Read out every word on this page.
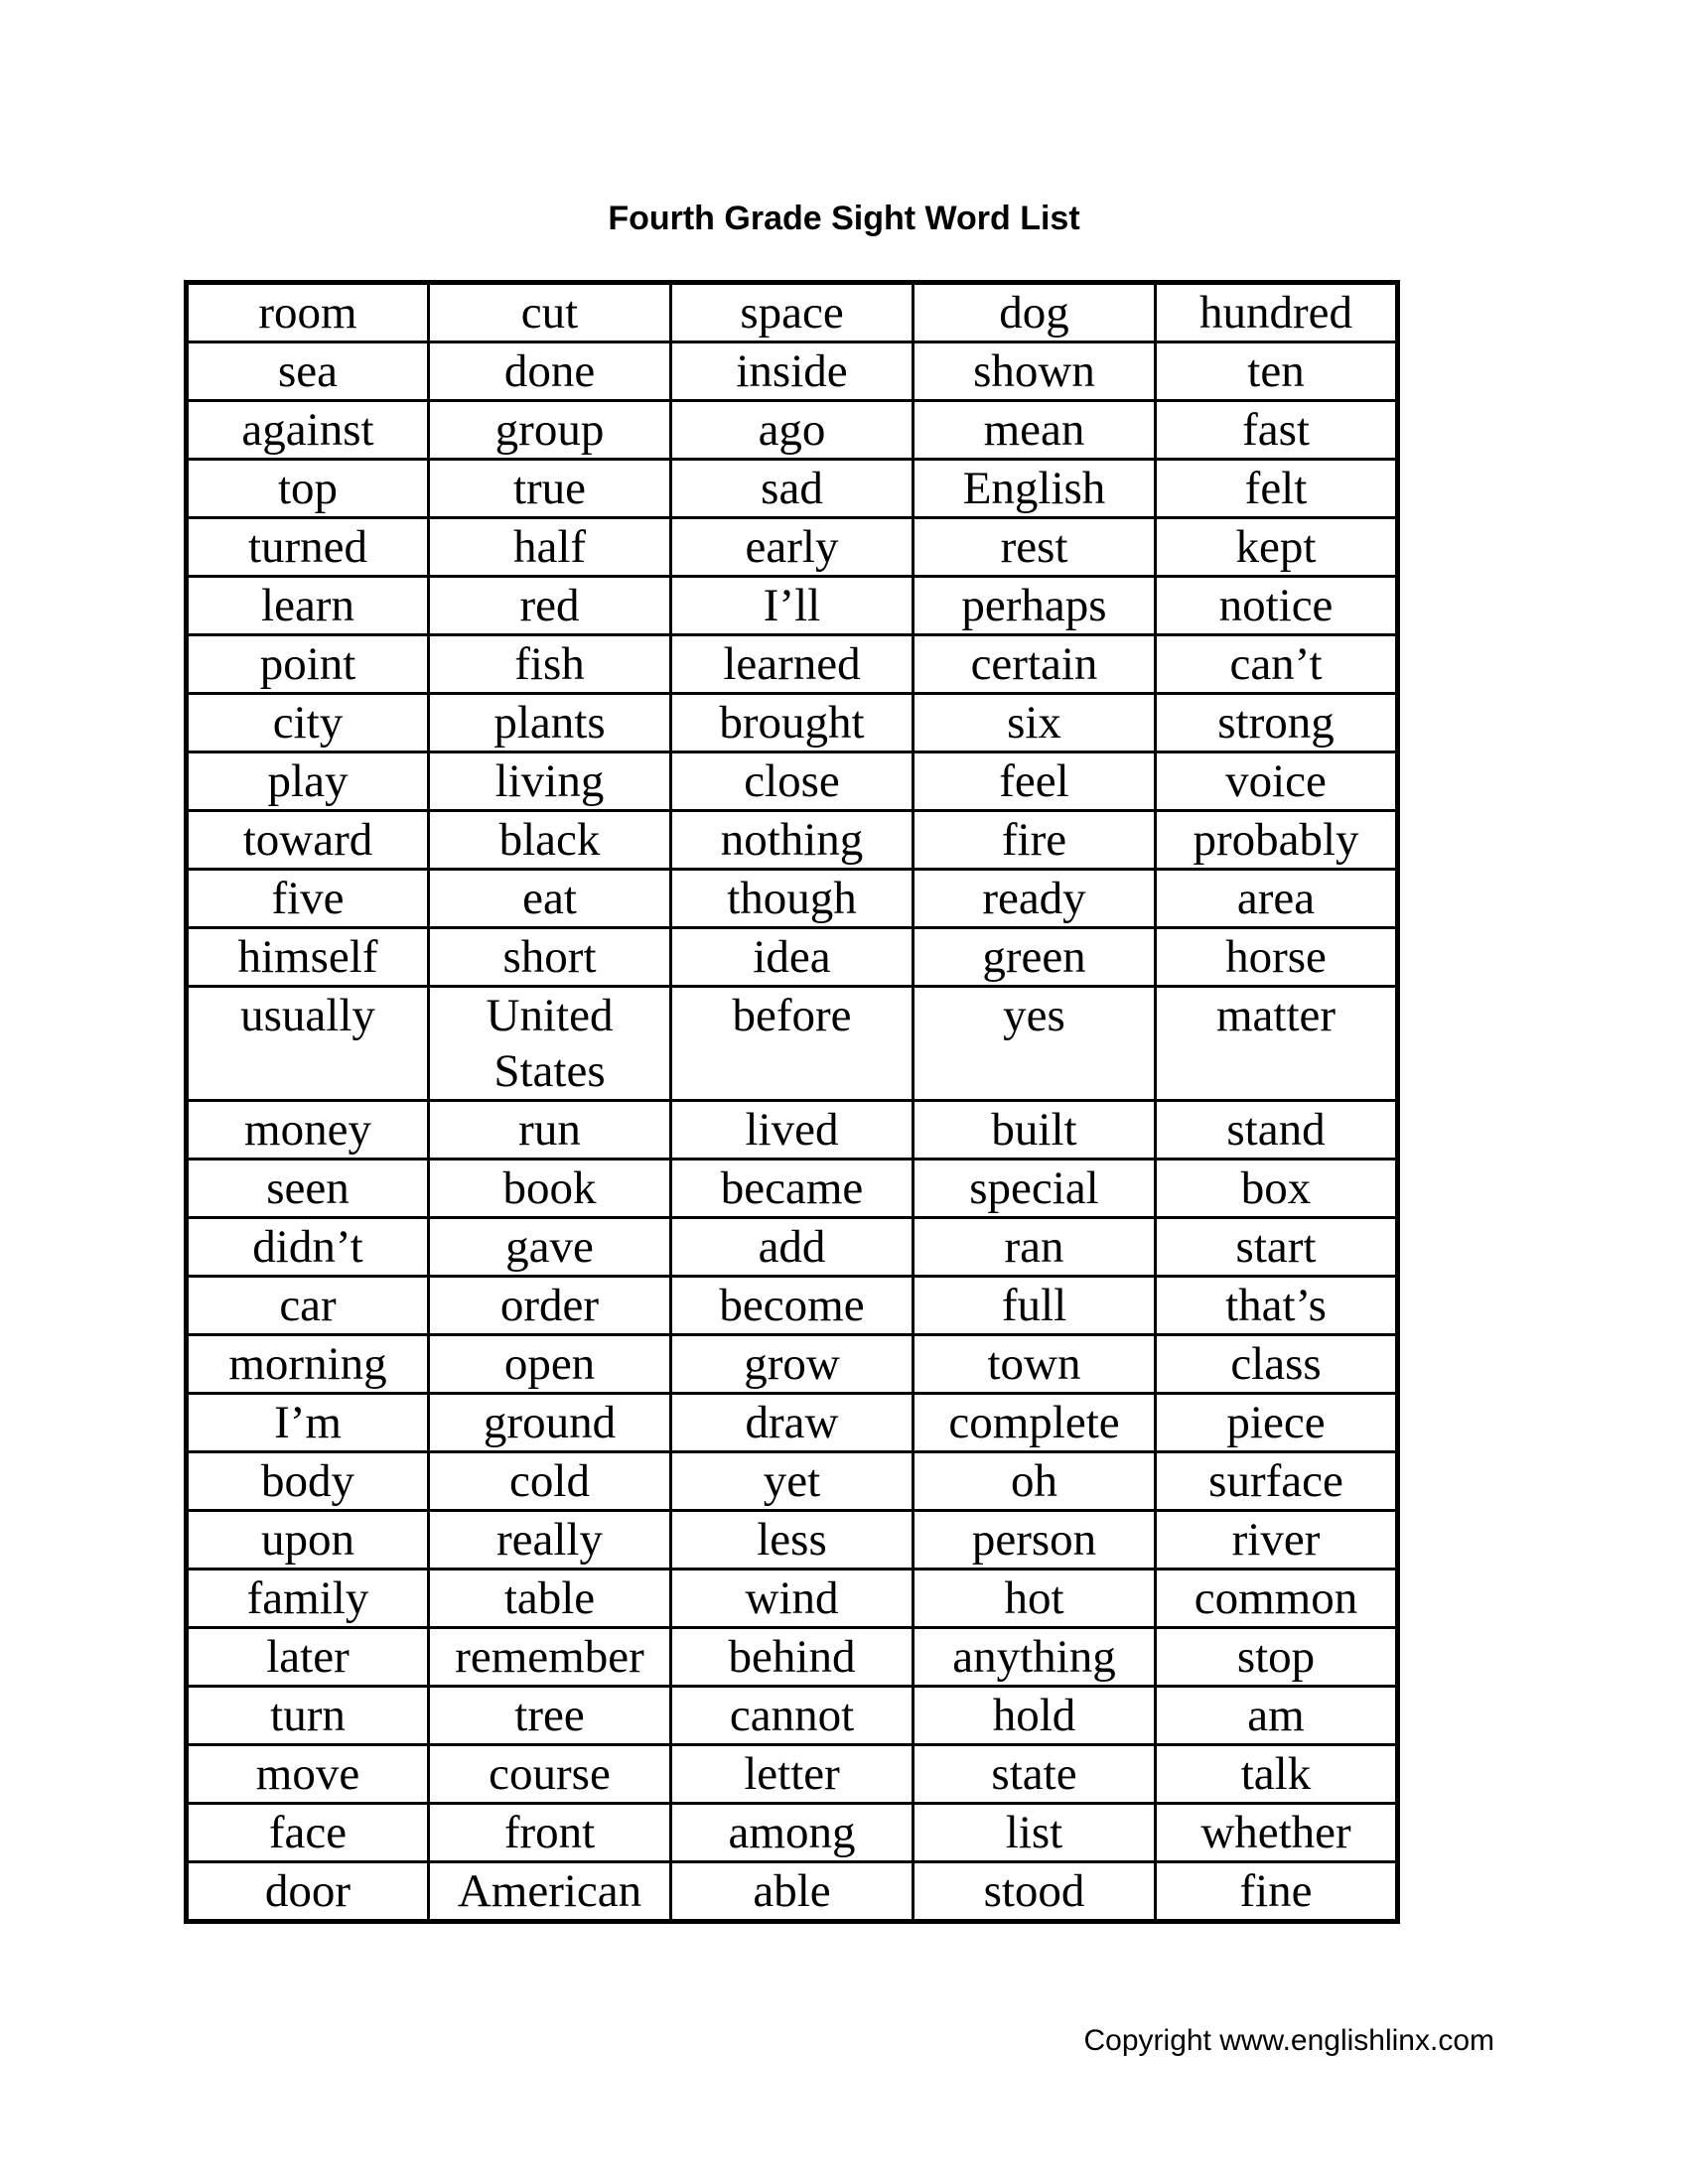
Fourth Grade Sight Word List
room	cut	space	dog	hundred
sea	done	inside	shown	ten
against	group	ago	mean	fast
top	true	sad	English	felt
turned	half	early	rest	kept
learn	red	I’ll	perhaps	notice
point	fish	learned	certain	can’t
city	plants	brought	six	strong
play	living	close	feel	voice
toward	black	nothing	fire	probably
five	eat	though	ready	area
himself	short	idea	green	horse
usually	United States	before	yes	matter
money	run	lived	built	stand
seen	book	became	special	box
didn’t	gave	add	ran	start
car	order	become	full	that’s
morning	open	grow	town	class
I’m	ground	draw	complete	piece
body	cold	yet	oh	surface
upon	really	less	person	river
family	table	wind	hot	common
later	remember	behind	anything	stop
turn	tree	cannot	hold	am
move	course	letter	state	talk
face	front	among	list	whether
door	American	able	stood	fine
Copyright www.englishlinx.com
